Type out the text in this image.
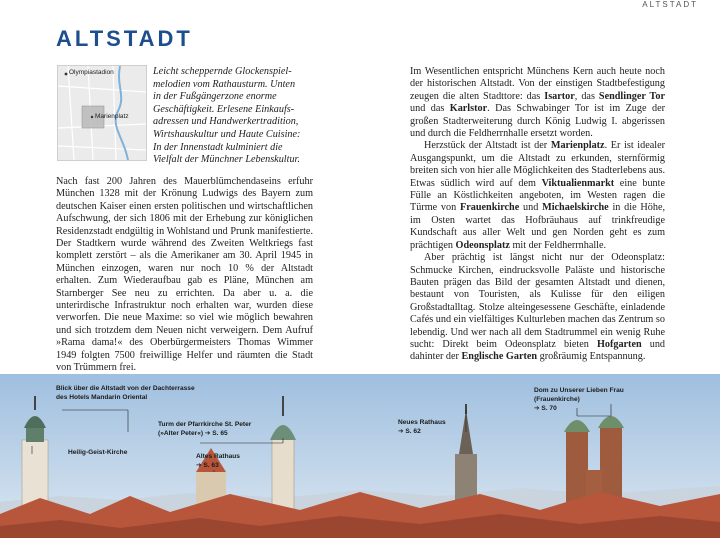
ALTSTADT
ALTSTADT
Olympiastadion
Marienplatz
Leicht scheppernde Glockenspiel-
melodien vom Rathausturm. Unten
in der Fußgängerzone enorme
Geschäftigkeit. Erlesene Einkaufs-
adressen und Handwerkertradition,
Wirtshauskultur und Haute Cuisine:
In der Innenstadt kulminiert die
Vielfalt der Münchner Lebenskultur.

Nach fast 200 Jahren des Mauerblümchendaseins erfuhr München 1328 mit der Krönung Ludwigs des Bayern zum deutschen Kaiser einen ersten politischen und wirtschaftlichen Aufschwung, der sich 1806 mit der Erhebung zur königlichen Residenzstadt endgültig in Wohlstand und Prunk manifestierte. Der Stadtkern wurde während des Zweiten Weltkriegs fast komplett zerstört – als die Amerikaner am 30. April 1945 in München einzogen, waren nur noch 10 % der Altstadt erhalten. Zum Wiederaufbau gab es Pläne, München am Starnberger See neu zu errichten. Da aber u. a. die unterirdische Infrastruktur noch erhalten war, wurden diese verworfen. Die neue Maxime: so viel wie möglich bewahren und sich trotzdem dem Neuen nicht verweigern. Dem Aufruf »Rama dama!« des Oberbürgermeisters Thomas Wimmer 1949 folgten 7500 freiwillige Helfer und räumten die Stadt von Trümmern frei.

Im Wesentlichen entspricht Münchens Kern auch heute noch der historischen Altstadt. Von der einstigen Stadtbefestigung zeugen die alten Stadttore: das Isartor, das Sendlinger Tor und das Karlstor. Das Schwabinger Tor ist im Zuge der großen Stadterweiterung durch König Ludwig I. abgerissen und durch die Feldherrnhalle ersetzt worden.

Herzstück der Altstadt ist der Marienplatz. Er ist idealer Ausgangspunkt, um die Altstadt zu erkunden, sternförmig breiten sich von hier alle Möglichkeiten des Stadterlebens aus. Etwas südlich wird auf dem Viktualienmarkt eine bunte Fülle an Köstlichkeiten angeboten, im Westen ragen die Türme von Frauenkirche und Michaelskirche in die Höhe, im Osten wartet das Hofbräuhaus auf trinkfreudige Kundschaft aus aller Welt und gen Norden geht es zum prächtigen Odeonsplatz mit der Feldherrnhalle.

Aber prächtig ist längst nicht nur der Odeonsplatz: Schmucke Kirchen, eindrucksvolle Paläste und historische Bauten prägen das Bild der gesamten Altstadt und dienen, bestaunt von Touristen, als Kulisse für den eiligen Großstadtalltag. Stolze alteingesessene Geschäfte, einladende Cafés und ein vielfältiges Kulturleben machen das Zentrum so lebendig. Und wer nach all dem Stadtrummel ein wenig Ruhe sucht: Direkt beim Odeonsplatz bieten Hofgarten und dahinter der Englische Garten großräumig Entspannung.

Blick über die Altstadt von der Dachterrasse
des Hotels Mandarin Oriental
Heilig-Geist-Kirche
Turm der Pfarrkirche St. Peter
(»Alter Peter«) ➔ S. 65
Altes Rathaus
➔ S. 63
Neues Rathaus
➔ S. 62
Dom zu Unserer Lieben Frau
(Frauenkirche)
➔ S. 70
